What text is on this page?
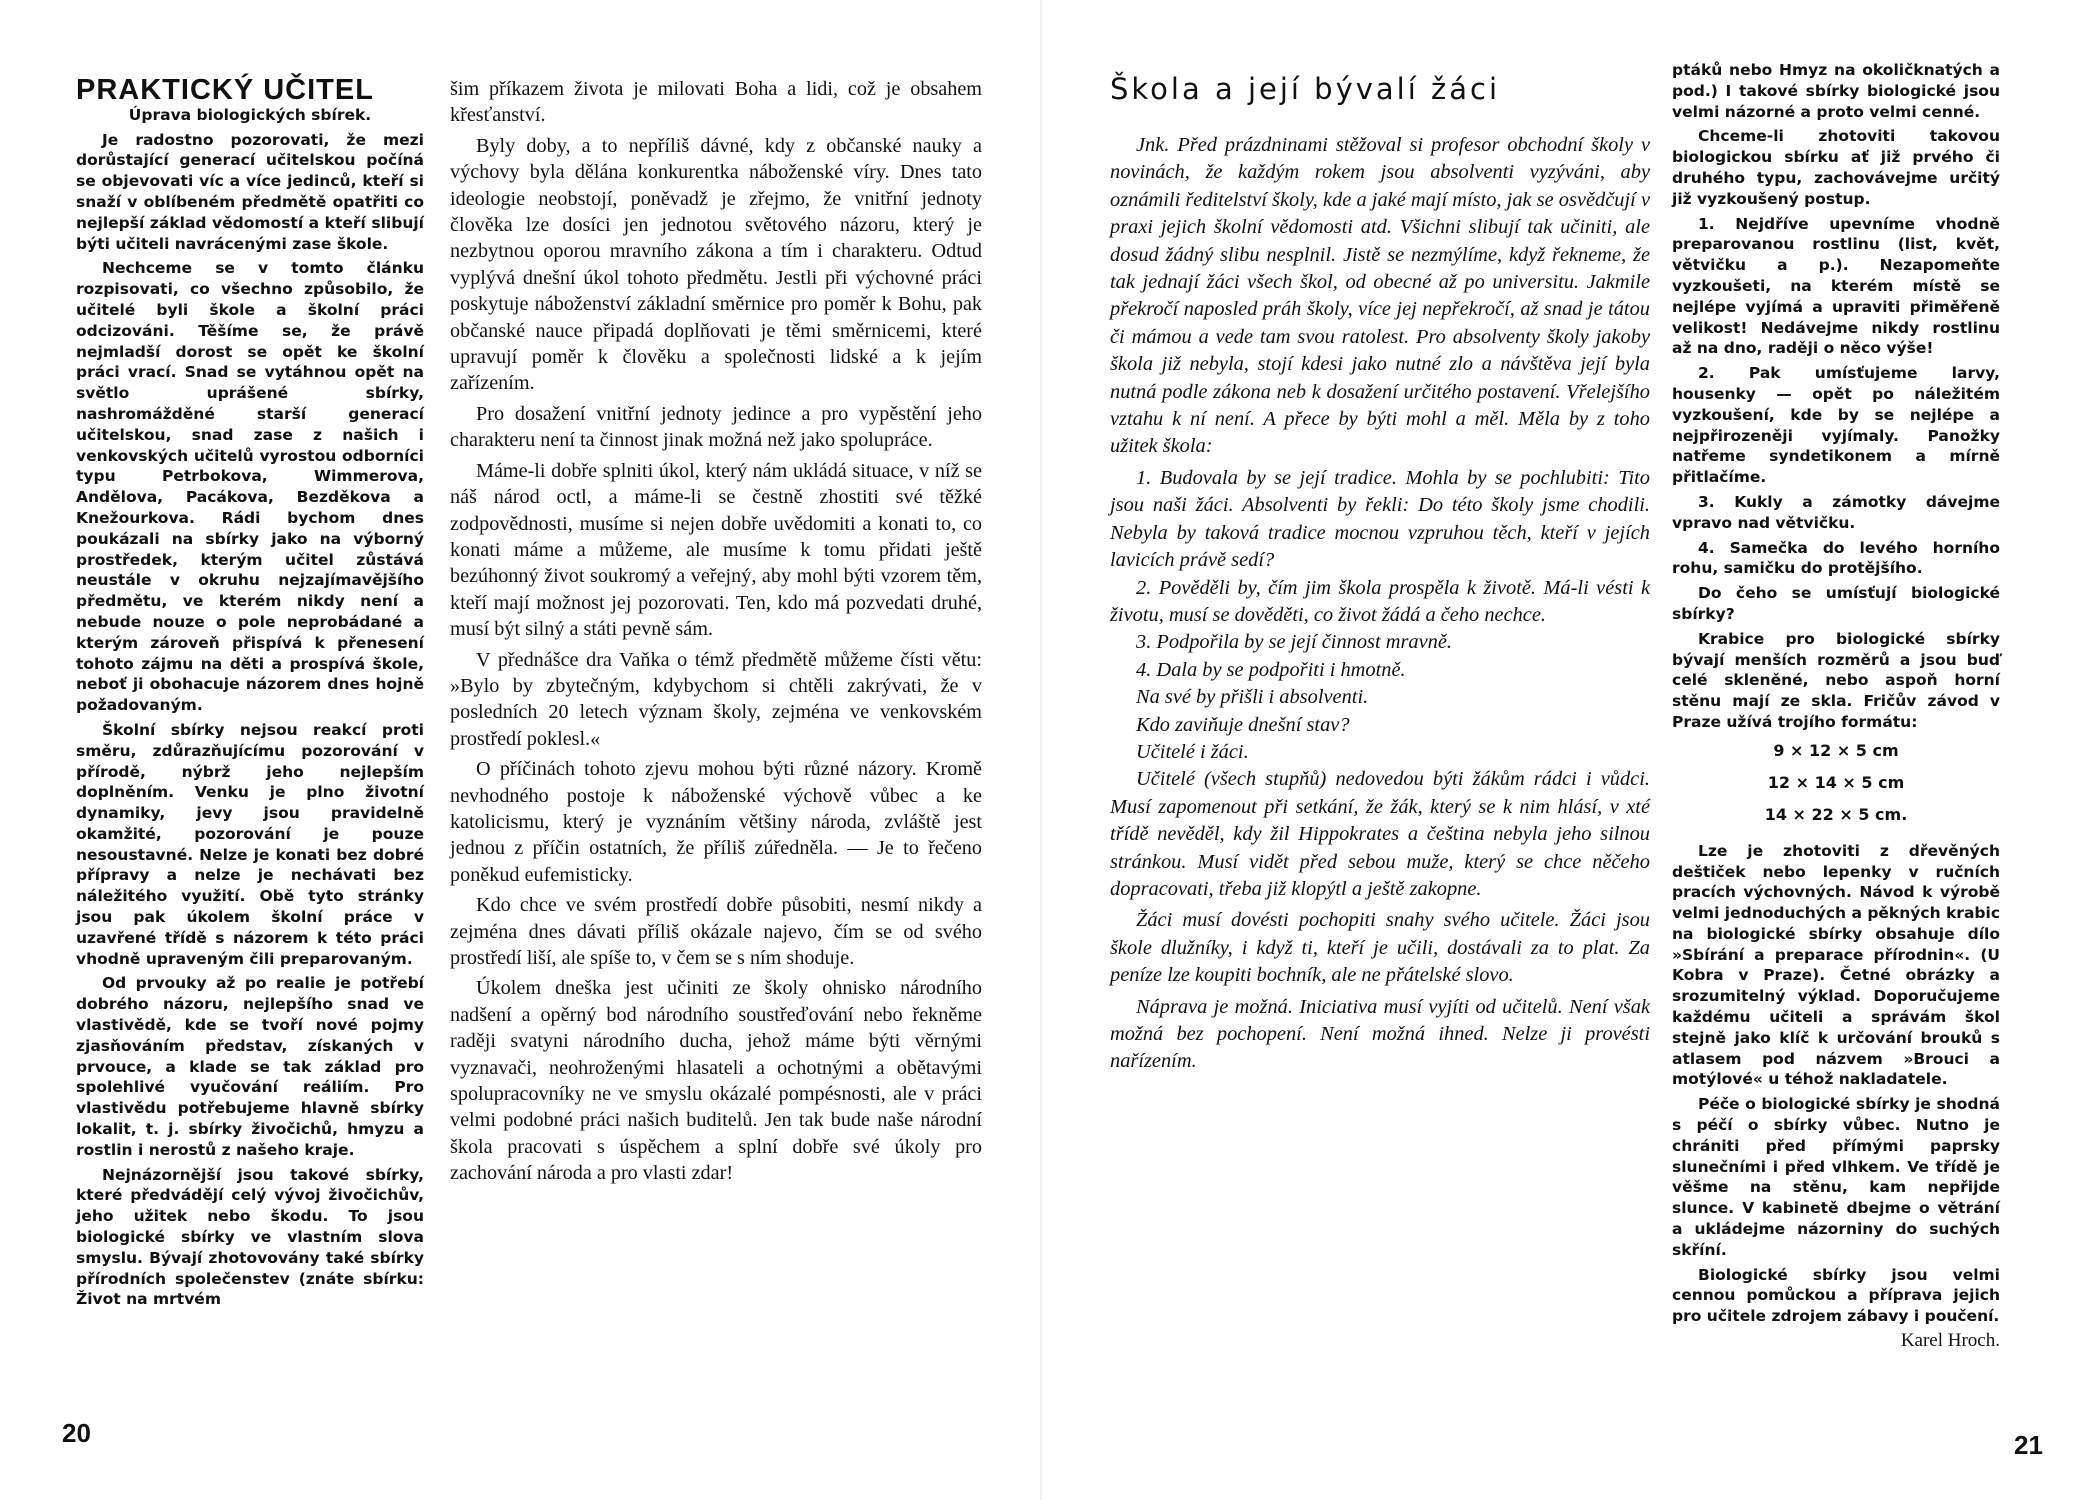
PRAKTICKÝ UČITEL

Úprava biologických sbírek.

Je radostno pozorovati, že mezi dorůstající generací učitelskou počíná se objevovati víc a více jedinců, kteří si snaží v oblíbeném předmětě opatřiti co nejlepší základ vědomostí a kteří slibují býti učiteli navrácenými zase škole.

Nechceme se v tomto článku rozpisovati, co všechno způsobilo, že učitelé byli škole a školní práci odcizováni. Těšíme se, že právě nejmladší dorost se opět ke školní práci vrací. Snad se vytáhnou opět na světlo uprášené sbírky, nashromážděné starší generací učitelskou, snad zase z našich i venkovských učitelů vyrostou odborníci typu Petrbokova, Wimmerova, Andělova, Pacákova, Bezděkova a Knežourkova. Rádi bychom dnes poukázali na sbírky jako na výborný prostředek, kterým učitel zůstává neustále v okruhu nejzajímavějšího předmětu, ve kterém nikdy není a nebude nouze o pole neprobádané a kterým zároveň přispívá k přenesení tohoto zájmu na děti a prospívá škole, neboť ji obohacuje názorem dnes hojně požadovaným.

Školní sbírky nejsou reakcí proti směru, zdůrazňujícímu pozorování v přírodě, nýbrž jeho nejlepším doplněním. Venku je plno životní dynamiky, jevy jsou pravidelně okamžité, pozorování je pouze nesoustavné. Nelze je konati bez dobré přípravy a nelze je nechávati bez náležitého využití. Obě tyto stránky jsou pak úkolem školní práce v uzavřené třídě s názorem k této práci vhodně upraveným čili preparovaným.

Od prvouky až po realie je potřebí dobrého názoru, nejlepšího snad ve vlastivědě, kde se tvoří nové pojmy zjasňováním představ, získaných v prvouce, a klade se tak základ pro spolehlivé vyučování reáliím. Pro vlastivědu potřebujeme hlavně sbírky lokalit, t. j. sbírky živočichů, hmyzu a rostlin i nerostů z našeho kraje.

Nejnázornější jsou takové sbírky, které předvádějí celý vývoj živočichův, jeho užitek nebo škodu. To jsou biologické sbírky ve vlastním slova smyslu. Bývají zhotovovány také sbírky přírodních společenstev (znáte sbírku: Život na mrtvém

šim příkazem života je milovati Boha a lidi, což je obsahem křesťanství.

Byly doby, a to nepříliš dávné, kdy z občanské nauky a výchovy byla dělána konkurentka náboženské víry. Dnes tato ideologie neobstojí, poněvadž je zřejmo, že vnitřní jednoty člověka lze dosíci jen jednotou světového názoru, který je nezbytnou oporou mravního zákona a tím i charakteru. Odtud vyplývá dnešní úkol tohoto předmětu. Jestli při výchovné práci poskytuje náboženství základní směrnice pro poměr k Bohu, pak občanské nauce připadá doplňovati je těmi směrnicemi, které upravují poměr k člověku a společnosti lidské a k jejím zařízením.

Pro dosažení vnitřní jednoty jedince a pro vypěstění jeho charakteru není ta činnost jinak možná než jako spolupráce.

Máme-li dobře splniti úkol, který nám ukládá situace, v níž se náš národ octl, a máme-li se čestně zhostiti své těžké zodpovědnosti, musíme si nejen dobře uvědomiti a konati to, co konati máme a můžeme, ale musíme k tomu přidati ještě bezúhonný život soukromý a veřejný, aby mohl býti vzorem těm, kteří mají možnost jej pozorovati. Ten, kdo má pozvedati druhé, musí být silný a státi pevně sám.

V přednášce dra Vaňka o témž předmětě můžeme čísti větu: »Bylo by zbytečným, kdybychom si chtěli zakrývati, že v posledních 20 letech význam školy, zejména ve venkovském prostředí poklesl.«

O příčinách tohoto zjevu mohou býti různé názory. Kromě nevhodného postoje k náboženské výchově vůbec a ke katolicismu, který je vyznáním většiny národa, zvláště jest jednou z příčin ostatních, že příliš zúředněla. — Je to řečeno poněkud eufemisticky.

Kdo chce ve svém prostředí dobře působiti, nesmí nikdy a zejména dnes dávati příliš okázale najevo, čím se od svého prostředí liší, ale spíše to, v čem se s ním shoduje.

Úkolem dneška jest učiniti ze školy ohnisko národního nadšení a opěrný bod národního soustřeďování nebo řekněme raději svatyni národního ducha, jehož máme býti věrnými vyznavači, neohroženými hlasateli a ochotnými a obětavými spolupracovníky ne ve smyslu okázalé pompésnosti, ale v práci velmi podobné práci našich buditelů. Jen tak bude naše národní škola pracovati s úspěchem a splní dobře své úkoly pro zachování národa a pro vlasti zdar!

20
Škola a její bývalí žáci

Jnk. Před prázdninami stěžoval si profesor obchodní školy v novinách, že každým rokem jsou absolventi vyzýváni, aby oznámili ředitelství školy, kde a jaké mají místo, jak se osvědčují v praxi jejich školní vědomosti atd. Všichni slibují tak učiniti, ale dosud žádný slibu nesplnil. Jistě se nezmýlíme, když řekneme, že tak jednají žáci všech škol, od obecné až po universitu. Jakmile překročí naposled práh školy, více jej nepřekročí, až snad je tátou či mámou a vede tam svou ratolest. Pro absolventy školy jakoby škola již nebyla, stojí kdesi jako nutné zlo a návštěva její byla nutná podle zákona neb k dosažení určitého postavení. Vřelejšího vztahu k ní není. A přece by býti mohl a měl. Měla by z toho užitek škola:

1. Budovala by se její tradice. Mohla by se pochlubiti: Tito jsou naši žáci. Absolventi by řekli: Do této školy jsme chodili. Nebyla by taková tradice mocnou vzpruhou těch, kteří v jejích lavicích právě sedí?

2. Pověděli by, čím jim škola prospěla k životě. Má-li vésti k životu, musí se dověděti, co život žádá a čeho nechce.

3. Podpořila by se její činnost mravně.

4. Dala by se podpořiti i hmotně.

Na své by přišli i absolventi.

Kdo zaviňuje dnešní stav?

Učitelé i žáci.

Učitelé (všech stupňů) nedovedou býti žákům rádci i vůdci. Musí zapomenout při setkání, že žák, který se k nim hlásí, v xté třídě nevěděl, kdy žil Hippokrates a čeština nebyla jeho silnou stránkou. Musí vidět před sebou muže, který se chce něčeho dopracovati, třeba již klopýtl a ještě zakopne.

Žáci musí dovésti pochopiti snahy svého učitele. Žáci jsou škole dlužníky, i když ti, kteří je učili, dostávali za to plat. Za peníze lze koupiti bochník, ale ne přátelské slovo.

Náprava je možná. Iniciativa musí vyjíti od učitelů. Není však možná bez pochopení. Není možná ihned. Nelze ji provésti nařízením.

ptáků nebo Hmyz na okoličknatých a pod.) I takové sbírky biologické jsou velmi názorné a proto velmi cenné.

Chceme-li zhotoviti takovou biologickou sbírku ať již prvého či druhého typu, zachovávejme určitý již vyzkoušený postup.

1. Nejdříve upevníme vhodně preparovanou rostlinu (list, květ, větvičku a p.). Nezapomeňte vyzkoušeti, na kterém místě se nejlépe vyjímá a upraviti přiměřeně velikost! Nedávejme nikdy rostlinu až na dno, raději o něco výše!

2. Pak umísťujeme larvy, housenky — opět po náležitém vyzkoušení, kde by se nejlépe a nejpřirozeněji vyjímaly. Panožky natřeme syndetikonem a mírně přitlačíme.

3. Kukly a zámotky dávejme vpravo nad větvičku.

4. Samečka do levého horního rohu, samičku do protějšího.

Do čeho se umísťují biologické sbírky?

Krabice pro biologické sbírky bývají menších rozměrů a jsou buď celé skleněné, nebo aspoň horní stěnu mají ze skla. Fričův závod v Praze užívá trojího formátu:

9 × 12 × 5 cm

12 × 14 × 5 cm

14 × 22 × 5 cm.

Lze je zhotoviti z dřevěných deštiček nebo lepenky v ručních pracích výchovných. Návod k výrobě velmi jednoduchých a pěkných krabic na biologické sbírky obsahuje dílo »Sbírání a preparace přírodnin«. (U Kobra v Praze). Četné obrázky a srozumitelný výklad. Doporučujeme každému učiteli a správám škol stejně jako klíč k určování brouků s atlasem pod názvem »Brouci a motýlové« u téhož nakladatele.

Péče o biologické sbírky je shodná s péčí o sbírky vůbec. Nutno je chrániti před přímými paprsky slunečními i před vlhkem. Ve třídě je věšme na stěnu, kam nepřijde slunce. V kabinetě dbejme o větrání a ukládejme názorniny do suchých skříní.

Biologické sbírky jsou velmi cennou pomůckou a příprava jejich pro učitele zdrojem zábavy i poučení.

Karel Hroch.

21
